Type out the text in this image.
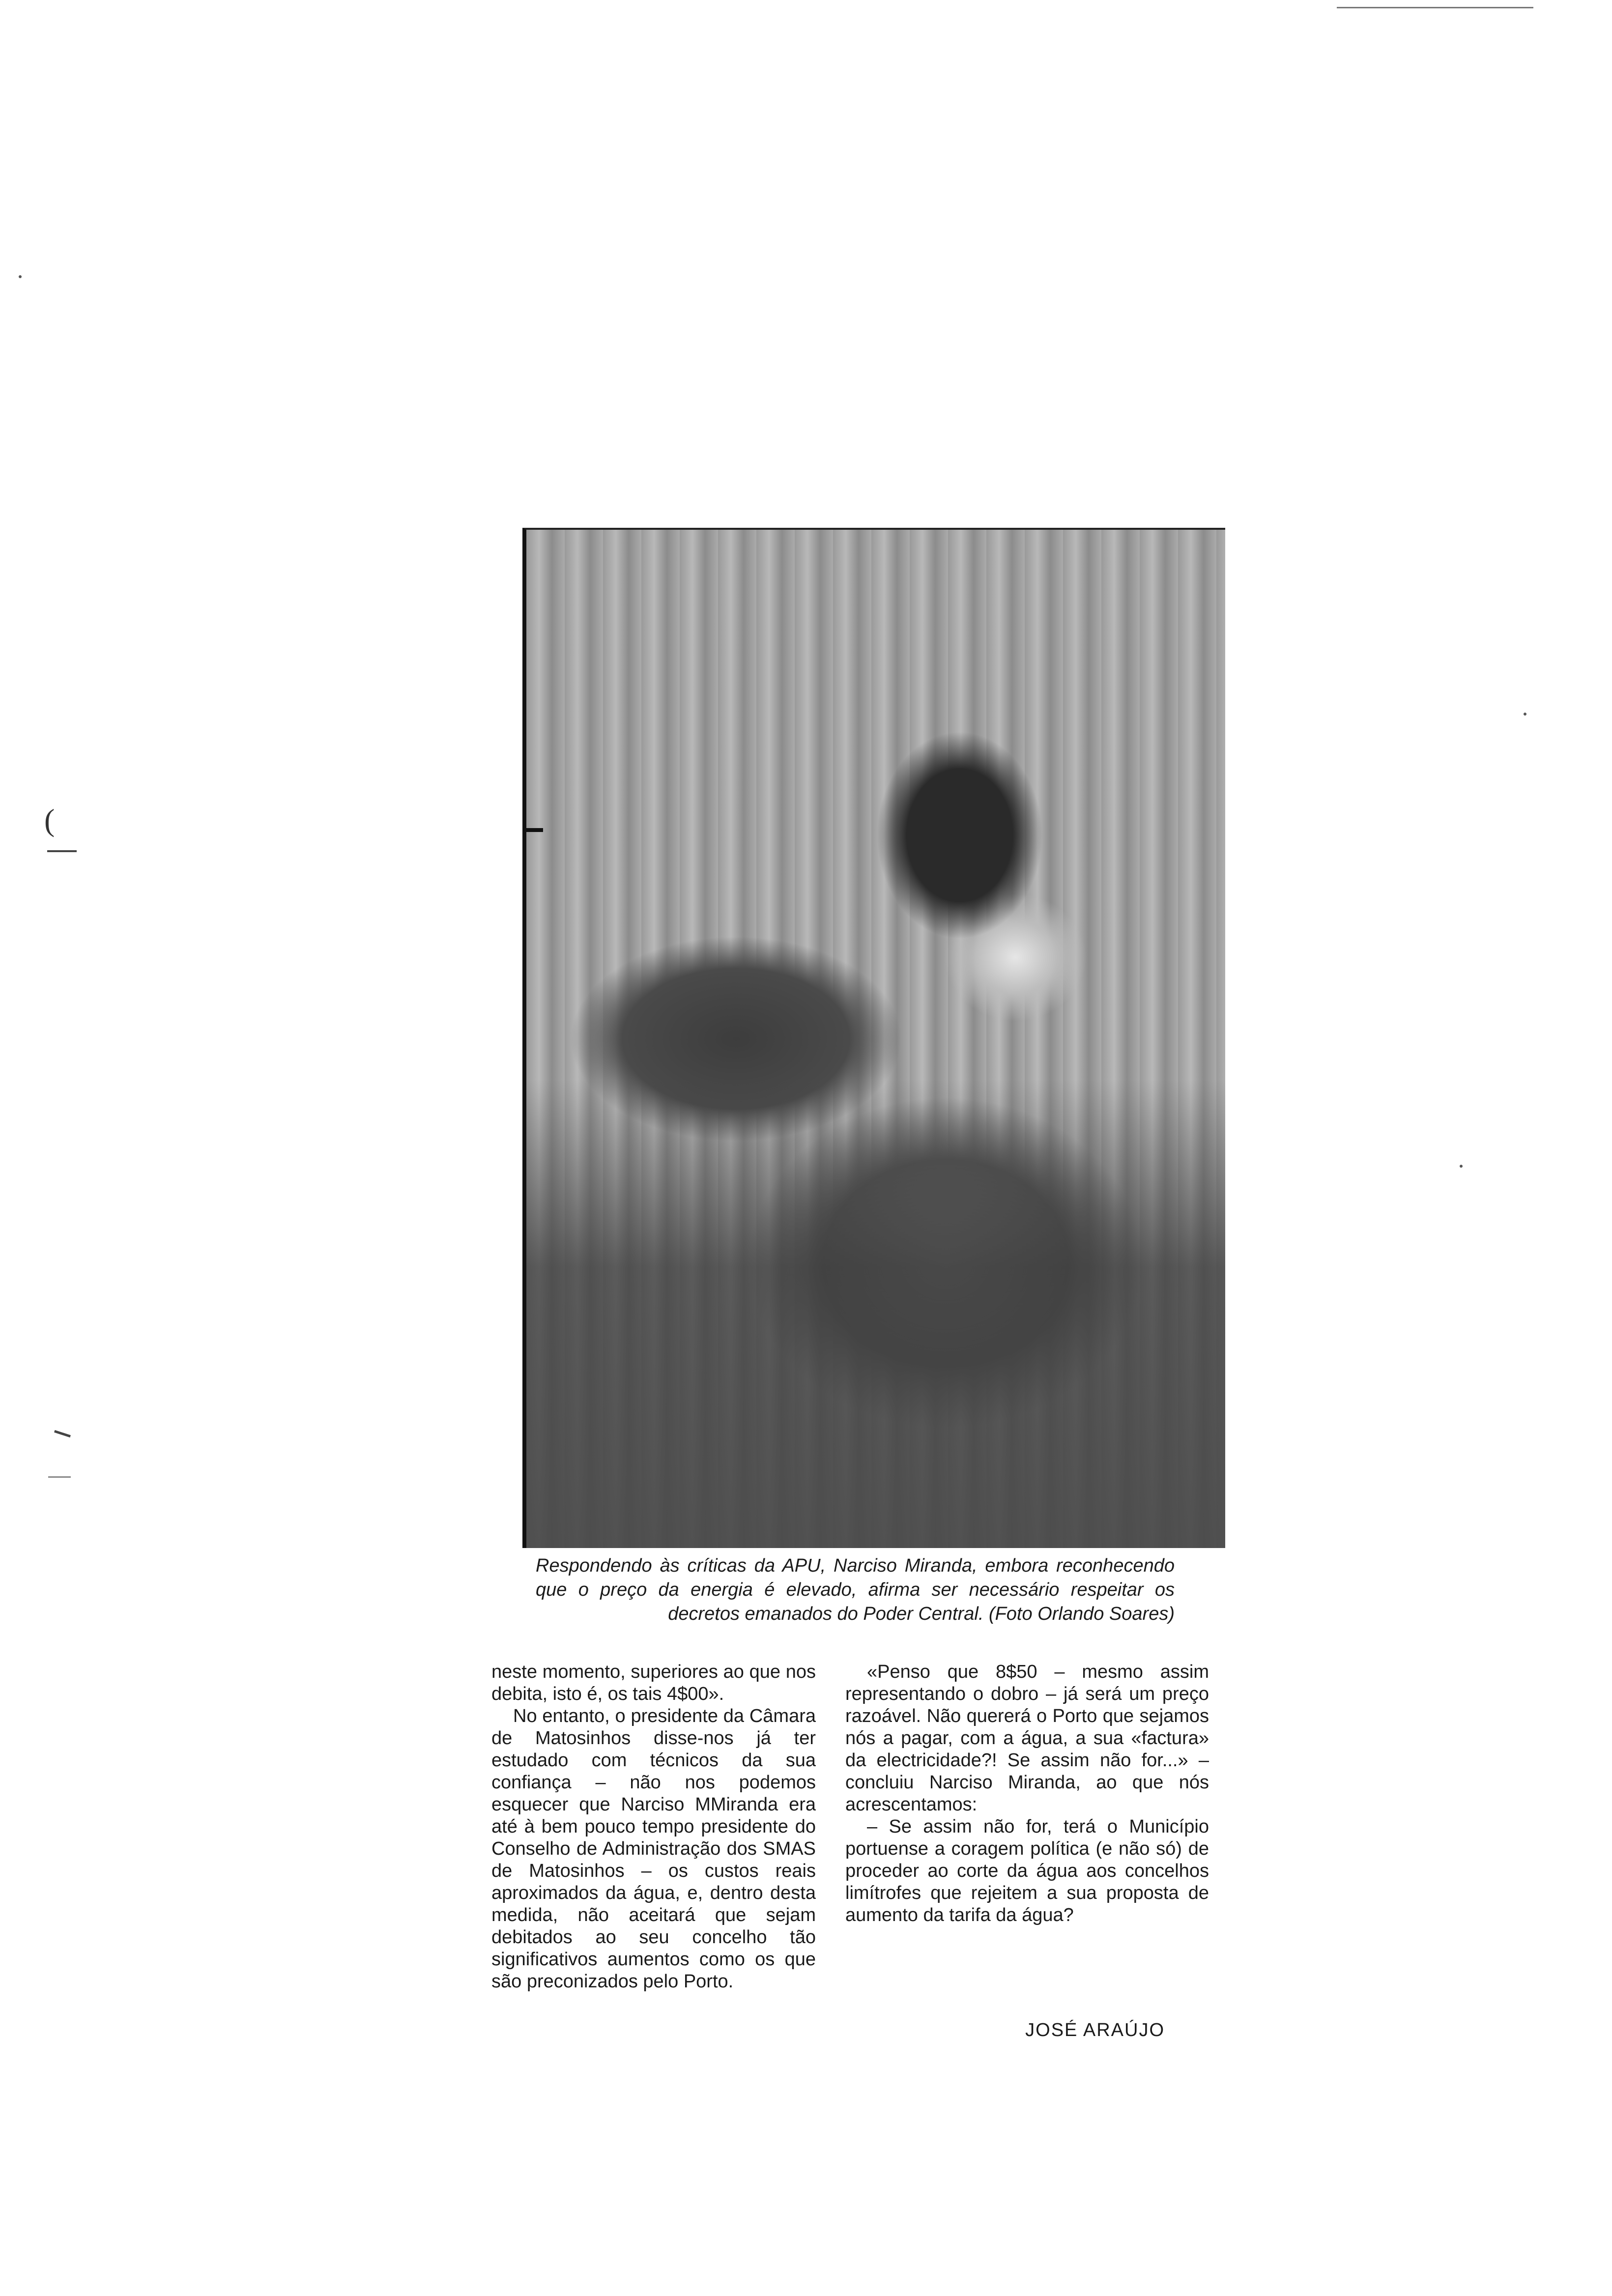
(
Respondendo às críticas da APU, Narciso Miranda, embora reconhecendo que o preço da energia é elevado, afirma ser necessário respeitar os decretos emanados do Poder Central. (Foto Orlando Soares)

neste momento, superiores ao que nos debita, isto é, os tais 4$00».

No entanto, o presidente da Câmara de Matosinhos disse-nos já ter estudado com técnicos da sua confiança – não nos podemos esquecer que Narciso MMiranda era até à bem pouco tempo presidente do Conselho de Administração dos SMAS de Matosinhos – os custos reais aproximados da água, e, dentro desta medida, não aceitará que sejam debitados ao seu concelho tão significativos aumentos como os que são preconizados pelo Porto.

«Penso que 8$50 – mesmo assim representando o dobro – já será um preço razoável. Não quererá o Porto que sejamos nós a pagar, com a água, a sua «factura» da electricidade?! Se assim não for...» – concluiu Narciso Miranda, ao que nós acrescentamos:

– Se assim não for, terá o Município portuense a coragem política (e não só) de proceder ao corte da água aos concelhos limítrofes que rejeitem a sua proposta de aumento da tarifa da água?

JOSÉ ARAÚJO
